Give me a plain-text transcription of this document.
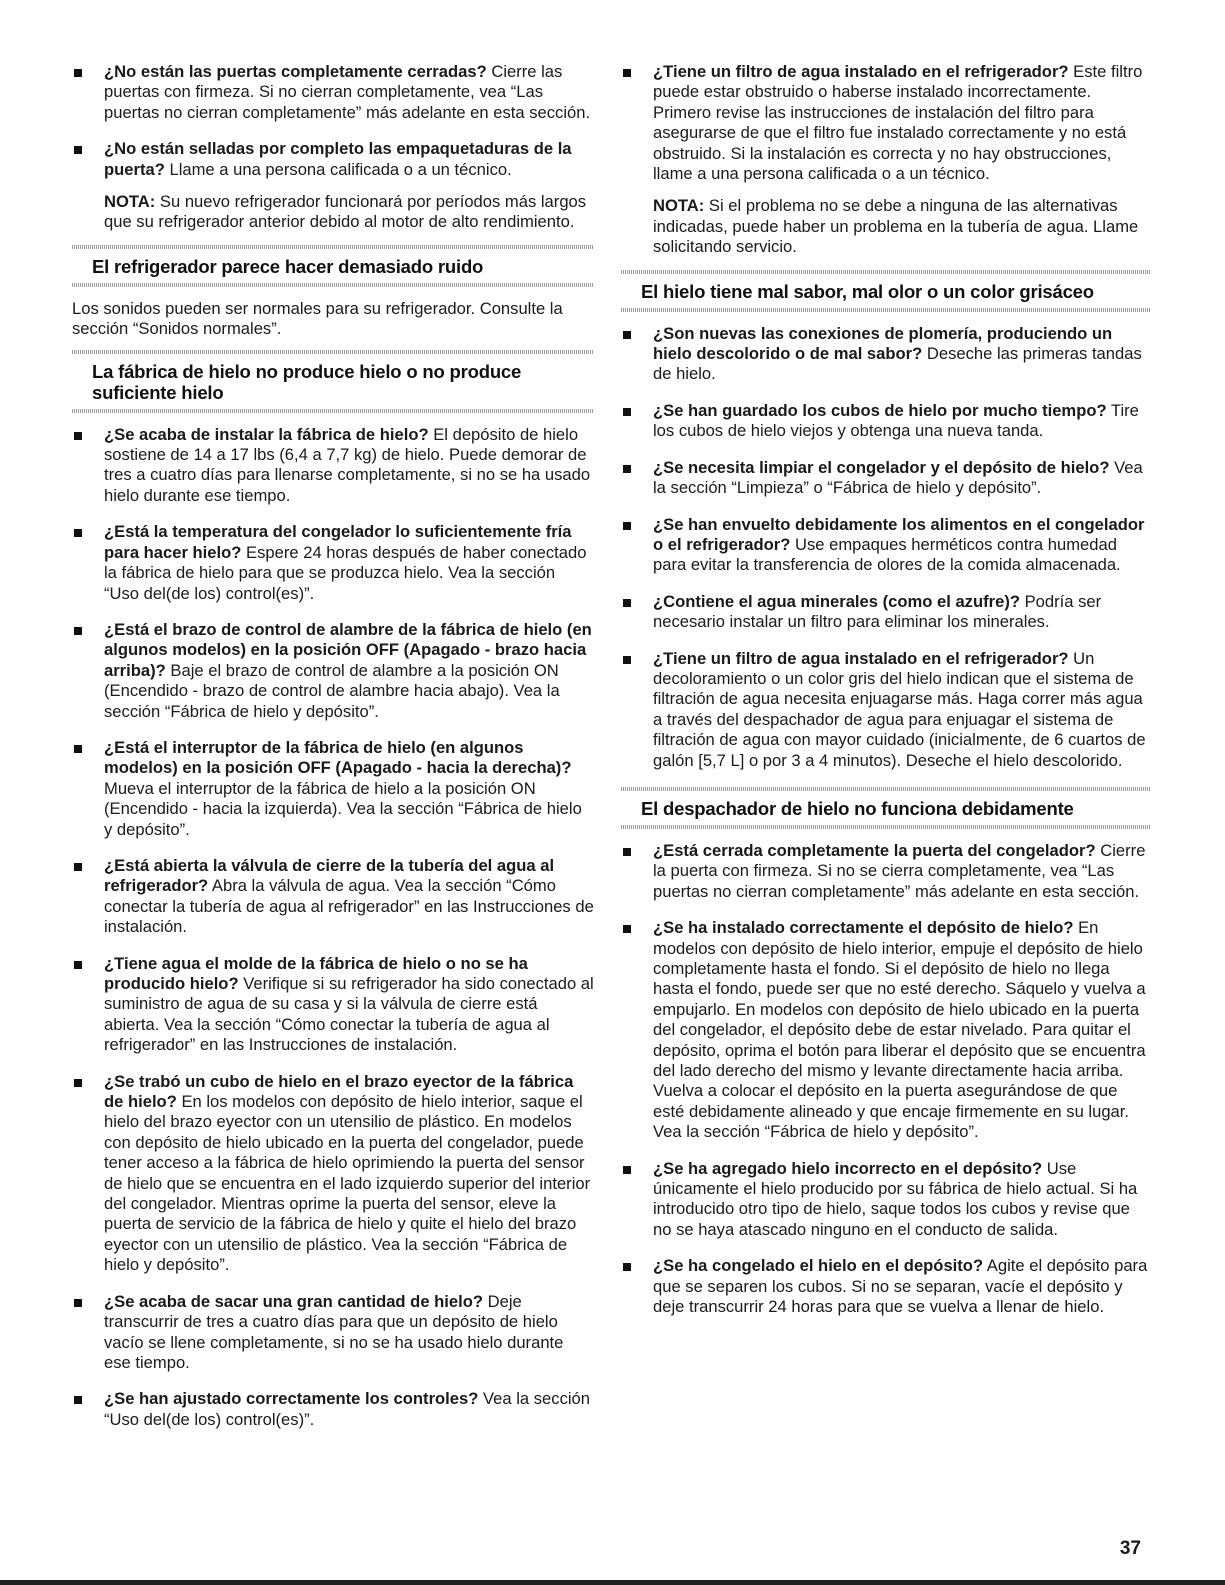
¿No están las puertas completamente cerradas? Cierre las puertas con firmeza. Si no cierran completamente, vea “Las puertas no cierran completamente” más adelante en esta sección.
¿No están selladas por completo las empaquetaduras de la puerta? Llame a una persona calificada o a un técnico.
NOTA: Su nuevo refrigerador funcionará por períodos más largos que su refrigerador anterior debido al motor de alto rendimiento.
El refrigerador parece hacer demasiado ruido

Los sonidos pueden ser normales para su refrigerador. Consulte la sección “Sonidos normales”.

La fábrica de hielo no produce hielo o no produce suficiente hielo
¿Se acaba de instalar la fábrica de hielo? El depósito de hielo sostiene de 14 a 17 lbs (6,4 a 7,7 kg) de hielo. Puede demorar de tres a cuatro días para llenarse completamente, si no se ha usado hielo durante ese tiempo.
¿Está la temperatura del congelador lo suficientemente fría para hacer hielo? Espere 24 horas después de haber conectado la fábrica de hielo para que se produzca hielo. Vea la sección “Uso del(de los) control(es)”.
¿Está el brazo de control de alambre de la fábrica de hielo (en algunos modelos) en la posición OFF (Apagado - brazo hacia arriba)? Baje el brazo de control de alambre a la posición ON (Encendido - brazo de control de alambre hacia abajo). Vea la sección “Fábrica de hielo y depósito”.
¿Está el interruptor de la fábrica de hielo (en algunos modelos) en la posición OFF (Apagado - hacia la derecha)? Mueva el interruptor de la fábrica de hielo a la posición ON (Encendido - hacia la izquierda). Vea la sección “Fábrica de hielo y depósito”.
¿Está abierta la válvula de cierre de la tubería del agua al refrigerador? Abra la válvula de agua. Vea la sección “Cómo conectar la tubería de agua al refrigerador” en las Instrucciones de instalación.
¿Tiene agua el molde de la fábrica de hielo o no se ha producido hielo? Verifique si su refrigerador ha sido conectado al suministro de agua de su casa y si la válvula de cierre está abierta. Vea la sección “Cómo conectar la tubería de agua al refrigerador” en las Instrucciones de instalación.
¿Se trabó un cubo de hielo en el brazo eyector de la fábrica de hielo? En los modelos con depósito de hielo interior, saque el hielo del brazo eyector con un utensilio de plástico. En modelos con depósito de hielo ubicado en la puerta del congelador, puede tener acceso a la fábrica de hielo oprimiendo la puerta del sensor de hielo que se encuentra en el lado izquierdo superior del interior del congelador. Mientras oprime la puerta del sensor, eleve la puerta de servicio de la fábrica de hielo y quite el hielo del brazo eyector con un utensilio de plástico. Vea la sección “Fábrica de hielo y depósito”.
¿Se acaba de sacar una gran cantidad de hielo? Deje transcurrir de tres a cuatro días para que un depósito de hielo vacío se llene completamente, si no se ha usado hielo durante ese tiempo.
¿Se han ajustado correctamente los controles? Vea la sección “Uso del(de los) control(es)”.
¿Tiene un filtro de agua instalado en el refrigerador? Este filtro puede estar obstruido o haberse instalado incorrectamente. Primero revise las instrucciones de instalación del filtro para asegurarse de que el filtro fue instalado correctamente y no está obstruido. Si la instalación es correcta y no hay obstrucciones, llame a una persona calificada o a un técnico.
NOTA: Si el problema no se debe a ninguna de las alternativas indicadas, puede haber un problema en la tubería de agua. Llame solicitando servicio.
El hielo tiene mal sabor, mal olor o un color grisáceo
¿Son nuevas las conexiones de plomería, produciendo un hielo descolorido o de mal sabor? Deseche las primeras tandas de hielo.
¿Se han guardado los cubos de hielo por mucho tiempo? Tire los cubos de hielo viejos y obtenga una nueva tanda.
¿Se necesita limpiar el congelador y el depósito de hielo? Vea la sección “Limpieza” o “Fábrica de hielo y depósito”.
¿Se han envuelto debidamente los alimentos en el congelador o el refrigerador? Use empaques herméticos contra humedad para evitar la transferencia de olores de la comida almacenada.
¿Contiene el agua minerales (como el azufre)? Podría ser necesario instalar un filtro para eliminar los minerales.
¿Tiene un filtro de agua instalado en el refrigerador? Un decoloramiento o un color gris del hielo indican que el sistema de filtración de agua necesita enjuagarse más. Haga correr más agua a través del despachador de agua para enjuagar el sistema de filtración de agua con mayor cuidado (inicialmente, de 6 cuartos de galón [5,7 L] o por 3 a 4 minutos). Deseche el hielo descolorido.
El despachador de hielo no funciona debidamente
¿Está cerrada completamente la puerta del congelador? Cierre la puerta con firmeza. Si no se cierra completamente, vea “Las puertas no cierran completamente” más adelante en esta sección.
¿Se ha instalado correctamente el depósito de hielo? En modelos con depósito de hielo interior, empuje el depósito de hielo completamente hasta el fondo. Si el depósito de hielo no llega hasta el fondo, puede ser que no esté derecho. Sáquelo y vuelva a empujarlo. En modelos con depósito de hielo ubicado en la puerta del congelador, el depósito debe de estar nivelado. Para quitar el depósito, oprima el botón para liberar el depósito que se encuentra del lado derecho del mismo y levante directamente hacia arriba. Vuelva a colocar el depósito en la puerta asegurándose de que esté debidamente alineado y que encaje firmemente en su lugar. Vea la sección “Fábrica de hielo y depósito”.
¿Se ha agregado hielo incorrecto en el depósito? Use únicamente el hielo producido por su fábrica de hielo actual. Si ha introducido otro tipo de hielo, saque todos los cubos y revise que no se haya atascado ninguno en el conducto de salida.
¿Se ha congelado el hielo en el depósito? Agite el depósito para que se separen los cubos. Si no se separan, vacíe el depósito y deje transcurrir 24 horas para que se vuelva a llenar de hielo.
37
